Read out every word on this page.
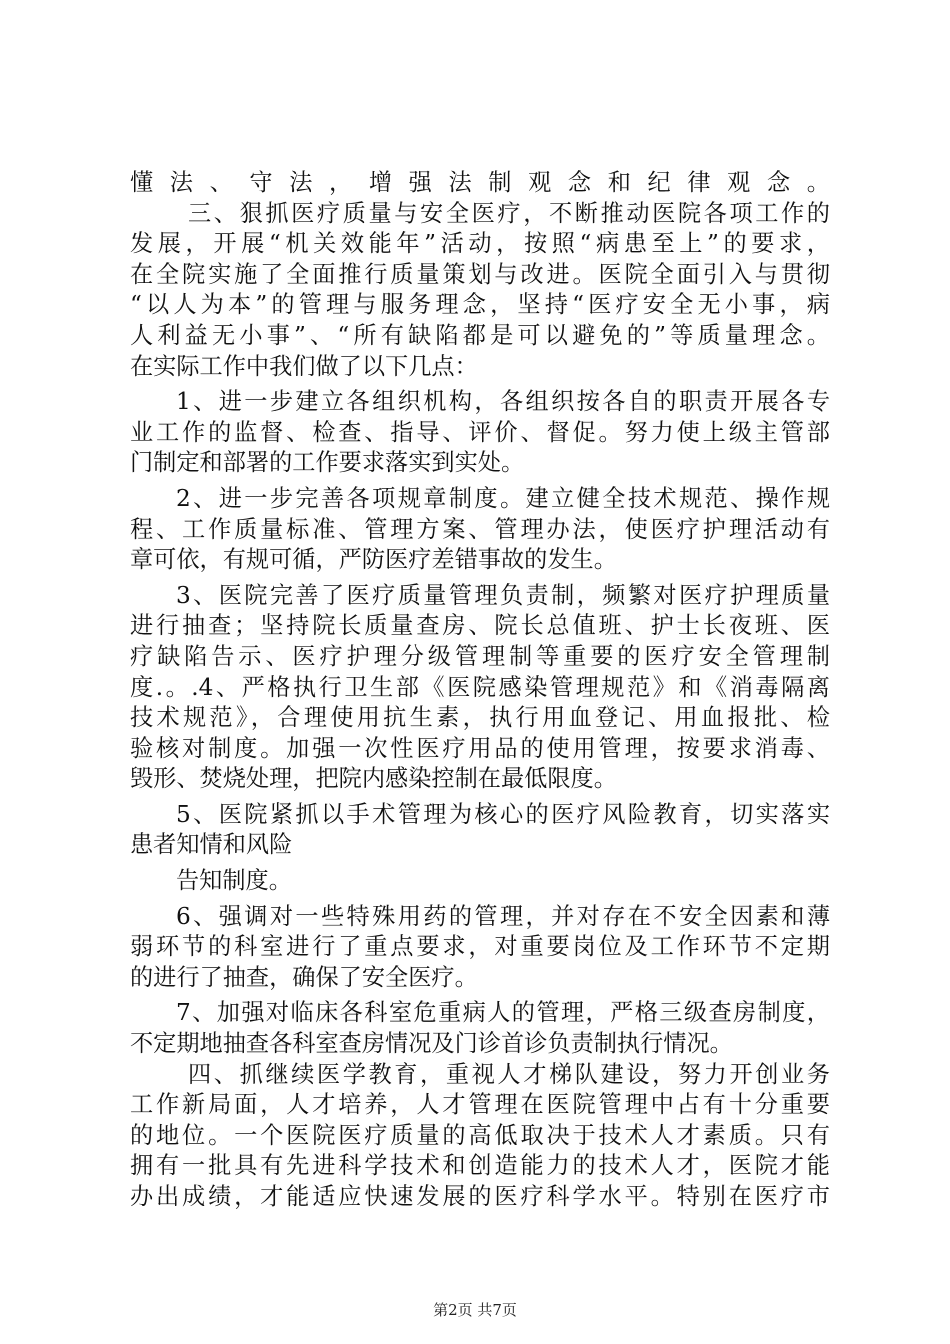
懂法、守法，增强法制观念和纪律观念。
三、狠抓医疗质量与安全医疗，不断推动医院各项工作的
发展，开展“机关效能年”活动，按照“病患至上”的要求，
在全院实施了全面推行质量策划与改进。医院全面引入与贯彻
“以人为本”的管理与服务理念，坚持“医疗安全无小事，病
人利益无小事”、“所有缺陷都是可以避免的”等质量理念。
在实际工作中我们做了以下几点：
1、进一步建立各组织机构，各组织按各自的职责开展各专
业工作的监督、检查、指导、评价、督促。努力使上级主管部
门制定和部署的工作要求落实到实处。
2、进一步完善各项规章制度。建立健全技术规范、操作规
程、工作质量标准、管理方案、管理办法，使医疗护理活动有
章可依，有规可循，严防医疗差错事故的发生。
3、医院完善了医疗质量管理负责制，频繁对医疗护理质量
进行抽查；坚持院长质量查房、院长总值班、护士长夜班、医
疗缺陷告示、医疗护理分级管理制等重要的医疗安全管理制
度.。.4、严格执行卫生部《医院感染管理规范》和《消毒隔离
技术规范》，合理使用抗生素，执行用血登记、用血报批、检
验核对制度。加强一次性医疗用品的使用管理，按要求消毒、
毁形、焚烧处理，把院内感染控制在最低限度。
5、医院紧抓以手术管理为核心的医疗风险教育，切实落实
患者知情和风险
告知制度。
6、强调对一些特殊用药的管理，并对存在不安全因素和薄
弱环节的科室进行了重点要求，对重要岗位及工作环节不定期
的进行了抽查，确保了安全医疗。
7、加强对临床各科室危重病人的管理，严格三级查房制度，
不定期地抽查各科室查房情况及门诊首诊负责制执行情况。
四、抓继续医学教育，重视人才梯队建设，努力开创业务
工作新局面，人才培养，人才管理在医院管理中占有十分重要
的地位。一个医院医疗质量的高低取决于技术人才素质。只有
拥有一批具有先进科学技术和创造能力的技术人才，医院才能
办出成绩，才能适应快速发展的医疗科学水平。特别在医疗市
第2页 共7页
